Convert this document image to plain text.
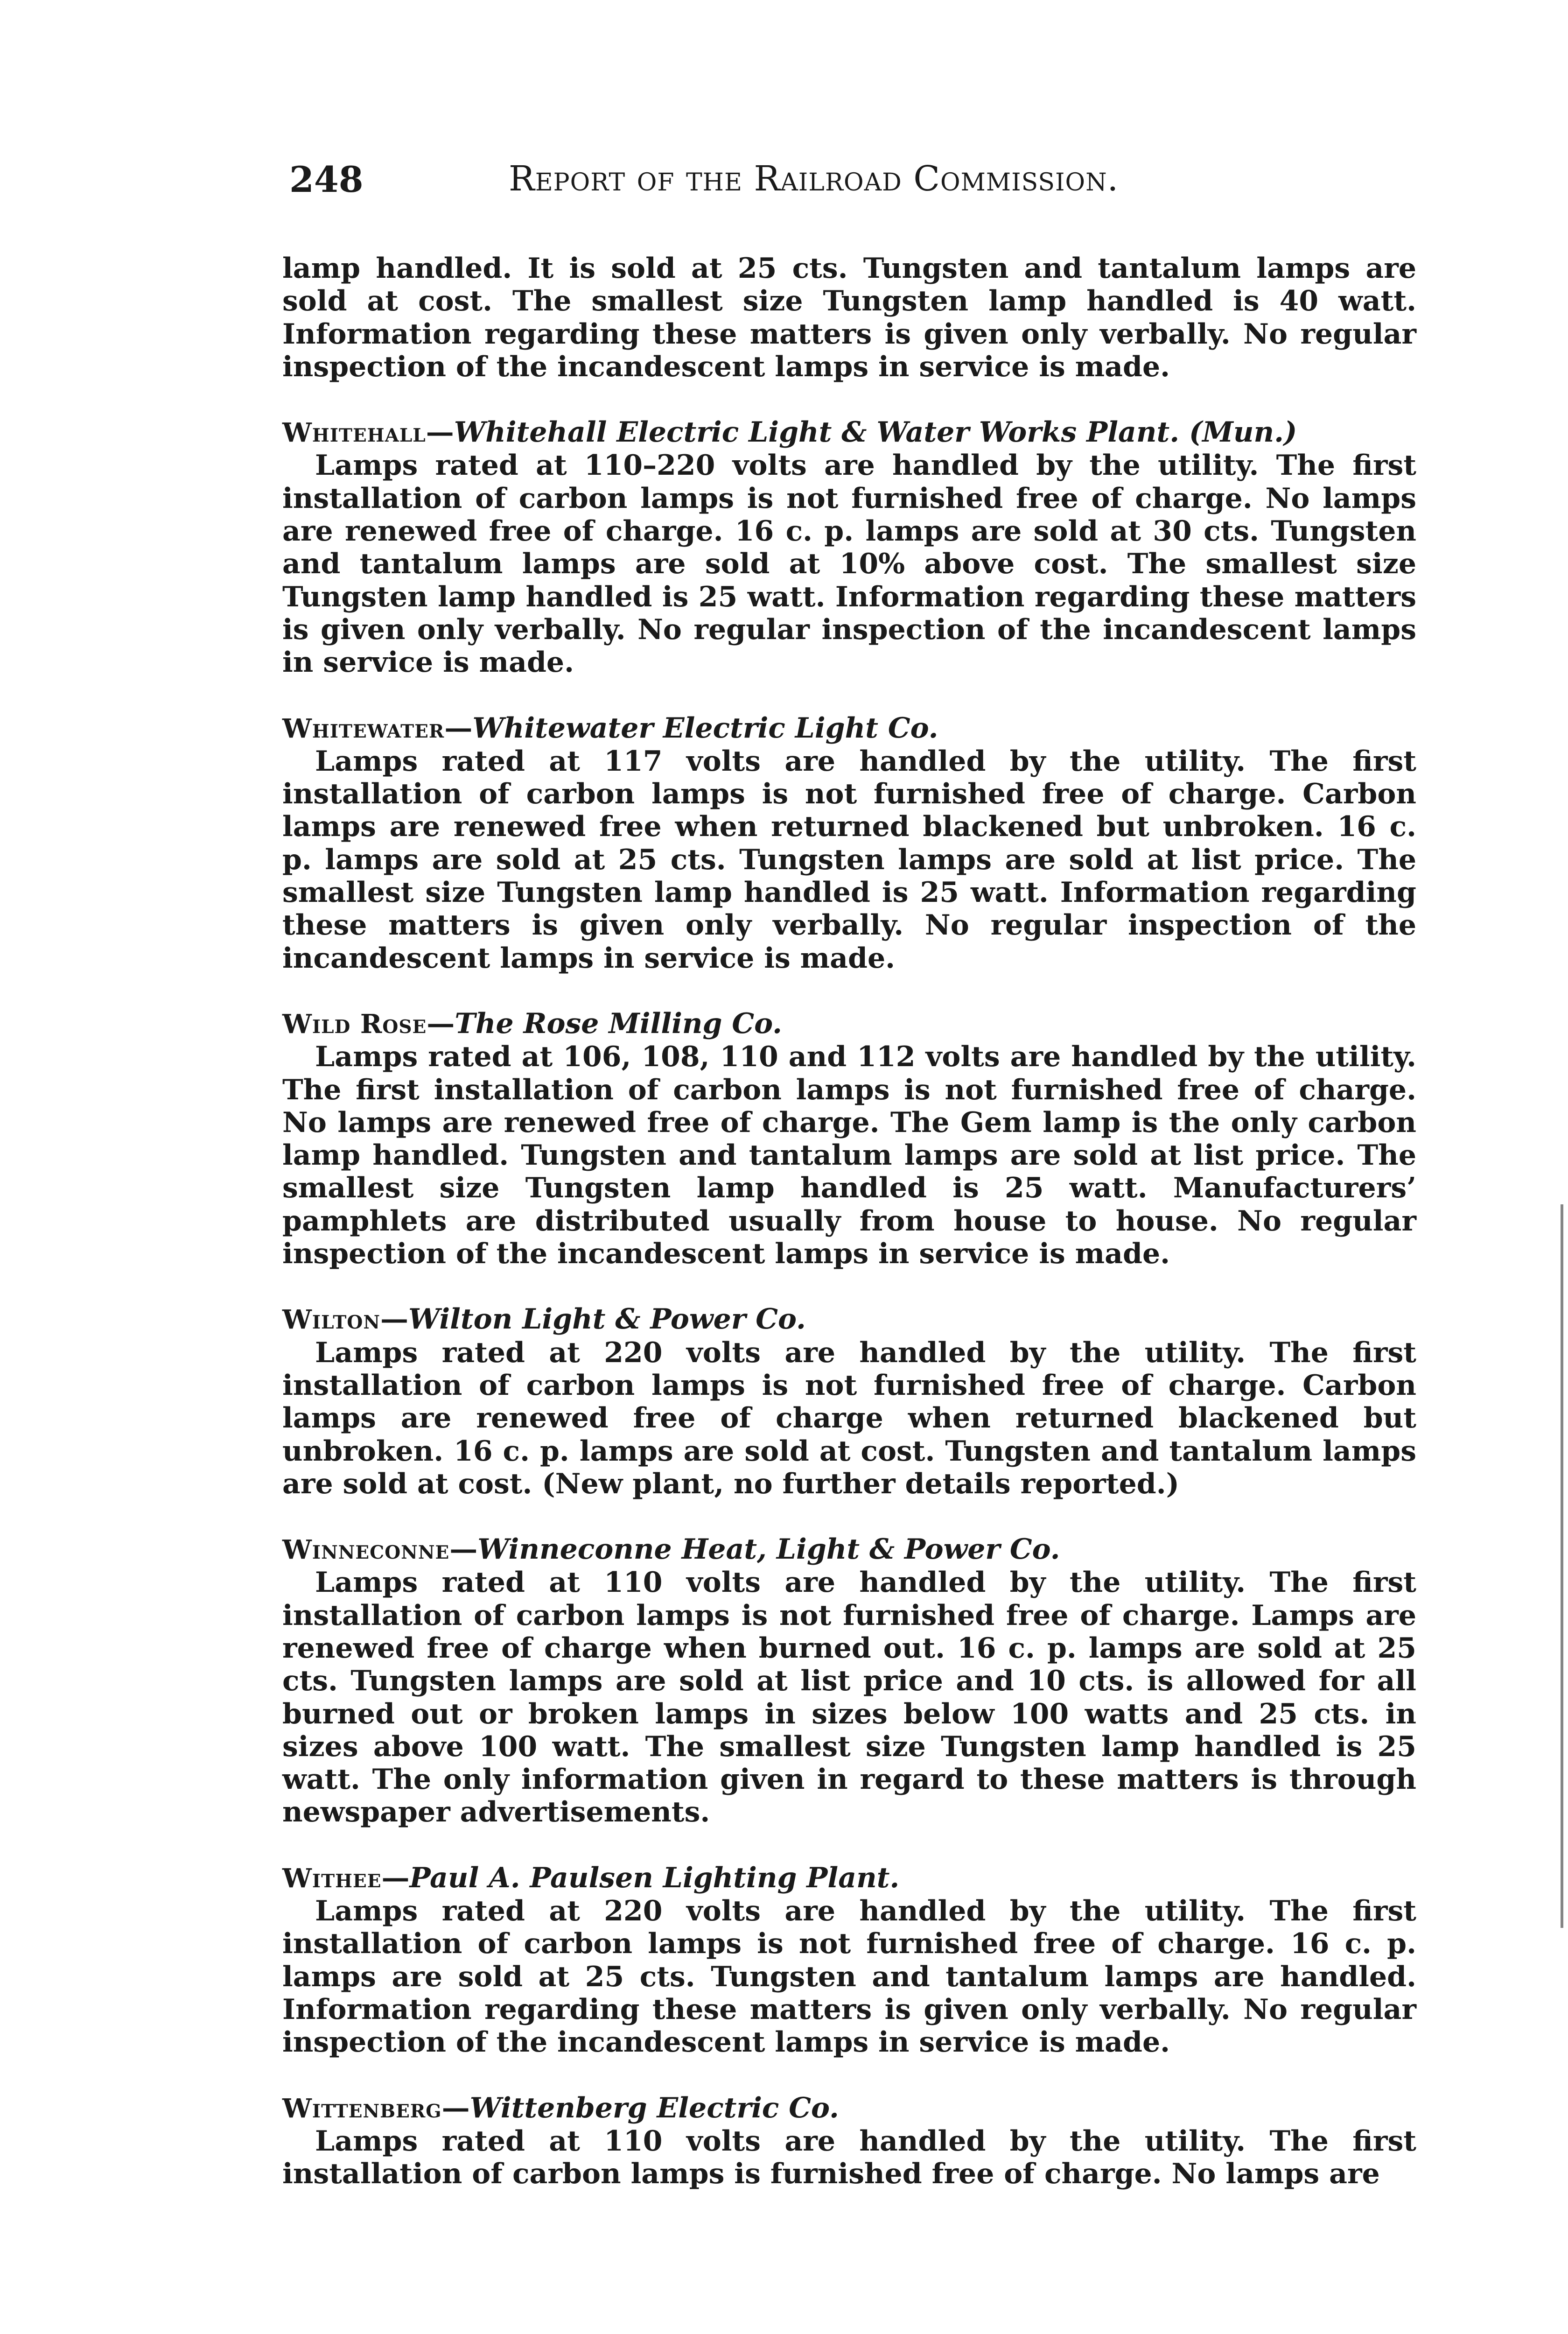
248	Report of the Railroad Commission.

lamp handled. It is sold at 25 cts. Tungsten and tantalum lamps are sold at cost. The smallest size Tungsten lamp handled is 40 watt. Information regarding these matters is given only verbally. No regular inspection of the incandescent lamps in service is made.

Whitehall—Whitehall Electric Light & Water Works Plant. (Mun.)

Lamps rated at 110–220 volts are handled by the utility. The first installation of carbon lamps is not furnished free of charge. No lamps are renewed free of charge. 16 c. p. lamps are sold at 30 cts. Tungsten and tantalum lamps are sold at 10% above cost. The smallest size Tungsten lamp handled is 25 watt. Information regarding these matters is given only verbally. No regular inspection of the incandescent lamps in service is made.

Whitewater—Whitewater Electric Light Co.

Lamps rated at 117 volts are handled by the utility. The first installation of carbon lamps is not furnished free of charge. Carbon lamps are renewed free when returned blackened but unbroken. 16 c. p. lamps are sold at 25 cts. Tungsten lamps are sold at list price. The smallest size Tungsten lamp handled is 25 watt. Information regarding these matters is given only verbally. No regular inspection of the incandescent lamps in service is made.

Wild Rose—The Rose Milling Co.

Lamps rated at 106, 108, 110 and 112 volts are handled by the utility. The first installation of carbon lamps is not furnished free of charge. No lamps are renewed free of charge. The Gem lamp is the only carbon lamp handled. Tungsten and tantalum lamps are sold at list price. The smallest size Tungsten lamp handled is 25 watt. Manufacturers’ pamphlets are distributed usually from house to house. No regular inspection of the incandescent lamps in service is made.

Wilton—Wilton Light & Power Co.

Lamps rated at 220 volts are handled by the utility. The first installation of carbon lamps is not furnished free of charge. Carbon lamps are renewed free of charge when returned blackened but unbroken. 16 c. p. lamps are sold at cost. Tungsten and tantalum lamps are sold at cost. (New plant, no further details reported.)

Winneconne—Winneconne Heat, Light & Power Co.

Lamps rated at 110 volts are handled by the utility. The first installation of carbon lamps is not furnished free of charge. Lamps are renewed free of charge when burned out. 16 c. p. lamps are sold at 25 cts. Tungsten lamps are sold at list price and 10 cts. is allowed for all burned out or broken lamps in sizes below 100 watts and 25 cts. in sizes above 100 watt. The smallest size Tungsten lamp handled is 25 watt. The only information given in regard to these matters is through newspaper advertisements.

Withee—Paul A. Paulsen Lighting Plant.

Lamps rated at 220 volts are handled by the utility. The first installation of carbon lamps is not furnished free of charge. 16 c. p. lamps are sold at 25 cts. Tungsten and tantalum lamps are handled. Information regarding these matters is given only verbally. No regular inspection of the incandescent lamps in service is made.

Wittenberg—Wittenberg Electric Co.

Lamps rated at 110 volts are handled by the utility. The first installation of carbon lamps is furnished free of charge. No lamps are
